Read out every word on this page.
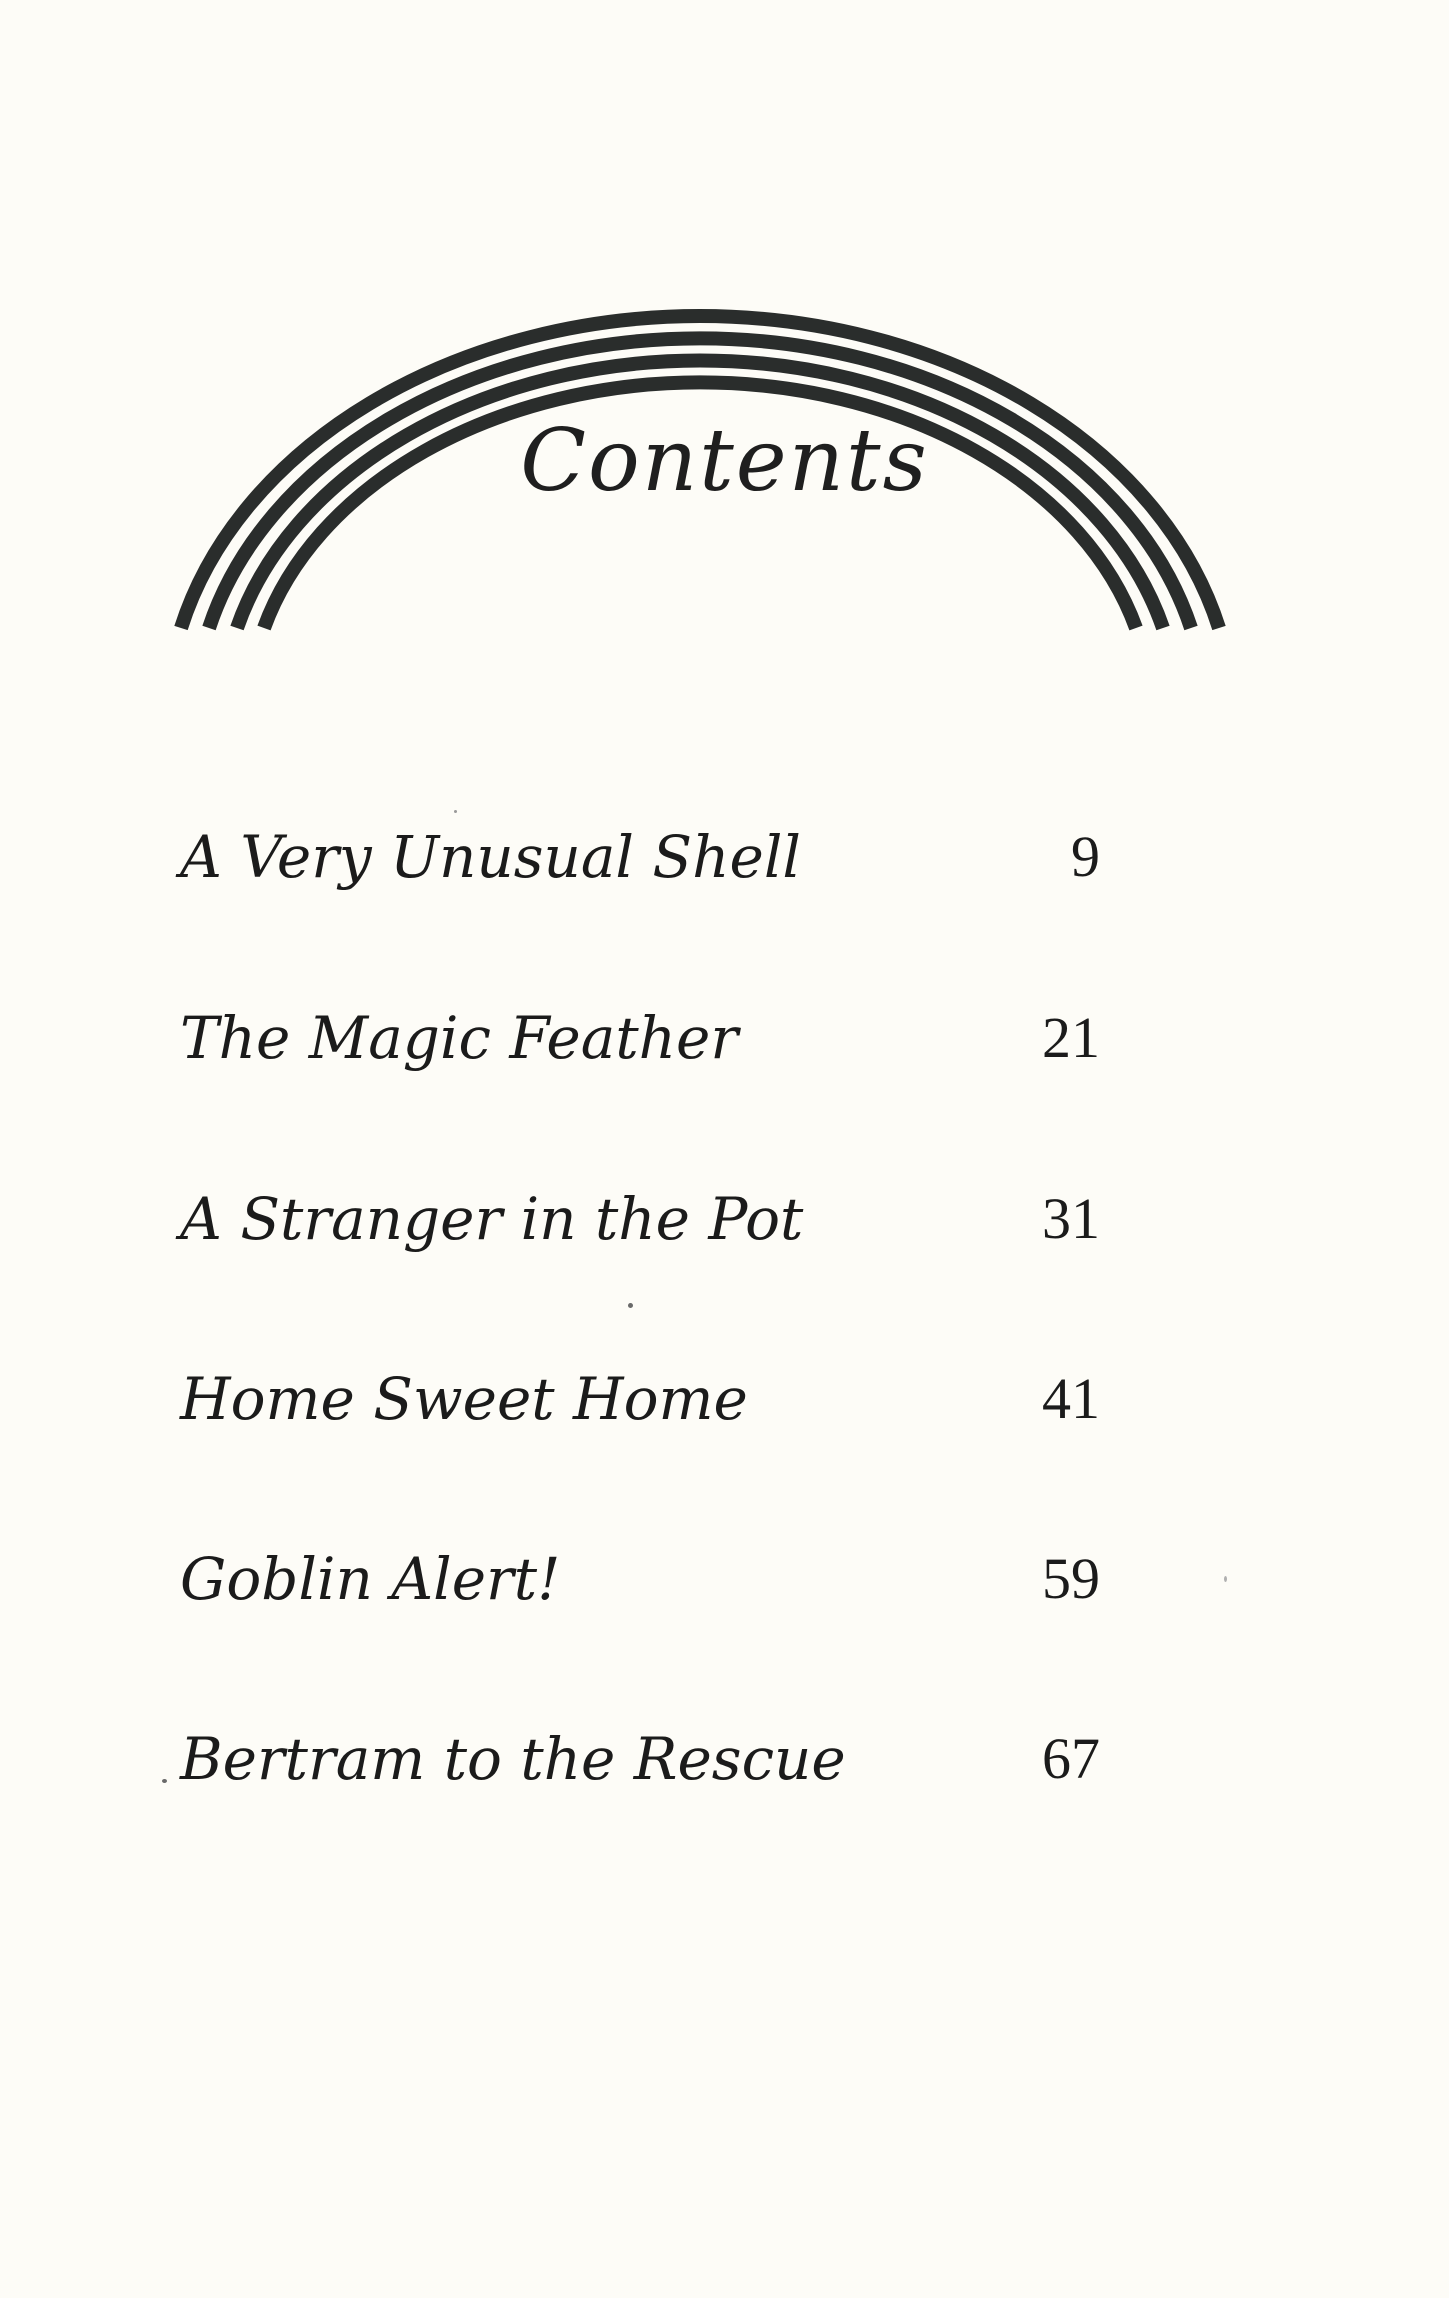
Contents
A Very Unusual Shell	9
The Magic Feather	21
A Stranger in the Pot	31
Home Sweet Home	41
Goblin Alert!	59
Bertram to the Rescue	67
